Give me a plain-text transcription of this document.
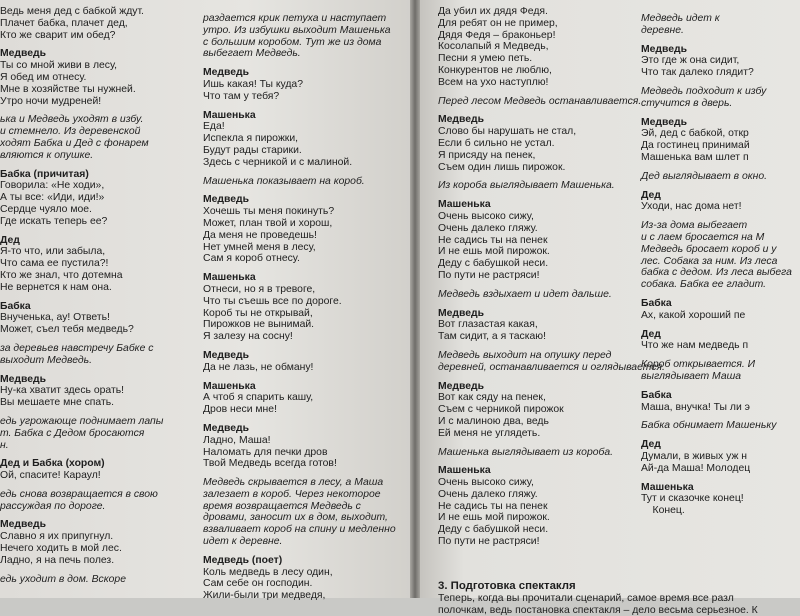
Ведь меня дед с бабкой ждут.

Плачет бабка, плачет дед,

Кто же сварит им обед?

Медведь

Ты со мной живи в лесу,

Я обед им отнесу.

Мне в хозяйстве ты нужней.

Утро ночи мудреней!

ька и Медведь уходят в избу.
и стемнело. Из деревенской
ходят Бабка и Дед с фонарем
вляются к опушке.

Бабка (причитая)

Говорила: «Не ходи»,

А ты все: «Иди, иди!»

Сердце чуяло мое.

Где искать теперь ее?

Дед

Я-то что, или забыла,

Что сама ее пустила?!

Кто же знал, что дотемна

Не вернется к нам она.

Бабка

Внученька, ау! Ответь!

Может, съел тебя медведь?

за деревьев навстречу Бабке с
выходит Медведь.

Медведь

Ну-ка хватит здесь орать!

Вы мешаете мне спать.

едь угрожающе поднимает лапы
т. Бабка с Дедом бросаются
н.

Дед и Бабка (хором)

Ой, спасите! Караул!

едь снова возвращается в свою
рассуждая по дороге.

Медведь

Славно я их припугнул.

Нечего ходить в мой лес.

Ладно, я на печь полез.

едь уходит в дом. Вскоре

раздается крик петуха и наступает
утро. Из избушки выходит Машенька
с большим коробом. Тут же из дома
выбегает Медведь.

Медведь

Ишь какая! Ты куда?

Что там у тебя?

Машенька

Еда!

Испекла я пирожки,

Будут рады старики.

Здесь с черникой и с малиной.

Машенька показывает на короб.

Медведь

Хочешь ты меня покинуть?

Может, план твой и хорош,

Да меня не проведешь!

Нет умней меня в лесу,

Сам я короб отнесу.

Машенька

Отнеси, но я в тревоге,

Что ты съешь все по дороге.

Короб ты не открывай,

Пирожков не вынимай.

Я залезу на сосну!

Медведь

Да не лазь, не обману!

Машенька

А чтоб я спарить кашу,

Дров неси мне!

Медведь

Ладно, Маша!

Наломать для печки дров

Твой Медведь всегда готов!

Медведь скрывается в лесу, а Маша
залезает в короб. Через некоторое
время возвращается Медведь с
дровами, заносит их в дом, выходит,
взваливает короб на спину и медленно
идет к деревне.

Медведь (поет)

Коль медведь в лесу один,

Сам себе он господин.

Жили-были три медведя,

Да убил их дядя Федя.

Для ребят он не пример,

Дядя Федя – браконьер!

Косолапый я Медведь,

Песни я умею петь.

Конкурентов не люблю,

Всем на ухо наступлю!

Перед лесом Медведь останавливается.

Медведь

Слово бы нарушать не стал,

Если б сильно не устал.

Я присяду на пенек,

Съем один лишь пирожок.

Из короба выглядывает Машенька.

Машенька

Очень высоко сижу,

Очень далеко гляжу.

Не садись ты на пенек

И не ешь мой пирожок.

Деду с бабушкой неси.

По пути не растряси!

Медведь вздыхает и идет дальше.

Медведь

Вот глазастая какая,

Там сидит, а я таскаю!

Медведь выходит на опушку перед
деревней, останавливается и оглядывается.

Медведь

Вот как сяду на пенек,

Съем с черникой пирожок

И с малиною два, ведь

Ей меня не углядеть.

Машенька выглядывает из короба.

Машенька

Очень высоко сижу,

Очень далеко гляжу.

Не садись ты на пенек

И не ешь мой пирожок.

Деду с бабушкой неси.

По пути не растряси!

Медведь идет к
деревне.

Медведь

Это где ж она сидит,

Что так далеко глядит?

Медведь подходит к избу
стучится в дверь.

Медведь

Эй, дед с бабкой, откр

Да гостинец принимай

Машенька вам шлет п

Дед выглядывает в окно.

Дед

Уходи, нас дома нет!

Из-за дома выбегает
и с лаем бросается на М
Медведь бросает короб и у
лес. Собака за ним. Из леса
бабка с дедом. Из леса выбега
собака. Бабка ее гладит.

Бабка

Ах, какой хороший пе

Дед

Что же нам медведь п

Короб открывается. И
выглядывает Маша

Бабка

Маша, внучка! Ты ли э

Бабка обнимает Машеньку

Дед

Думали, в живых уж н

Ай-да Маша! Молодец

Машенька

Тут и сказочке конец!

Конец.

3. Подготовка спектакля

Теперь, когда вы прочитали сценарий, самое время все разл

полочкам, ведь постановка спектакля – дело весьма серьезное. К
